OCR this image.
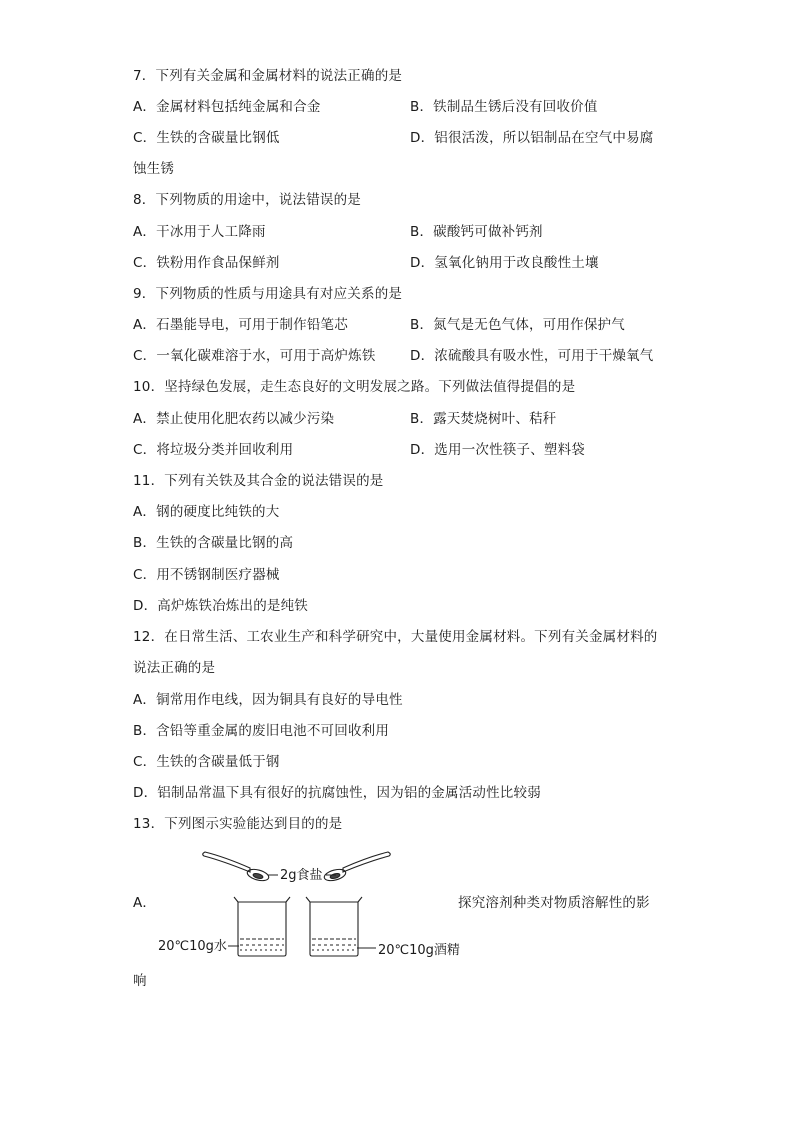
7．下列有关金属和金属材料的说法正确的是
A．金属材料包括纯金属和合金	B．铁制品生锈后没有回收价值
C．生铁的含碳量比钢低	D．铝很活泼，所以铝制品在空气中易腐
蚀生锈
8．下列物质的用途中，说法错误的是
A．干冰用于人工降雨	B．碳酸钙可做补钙剂
C．铁粉用作食品保鲜剂	D．氢氧化钠用于改良酸性土壤
9．下列物质的性质与用途具有对应关系的是
A．石墨能导电，可用于制作铅笔芯	B．氮气是无色气体，可用作保护气
C．一氧化碳难溶于水，可用于高炉炼铁	D．浓硫酸具有吸水性，可用于干燥氧气
10．坚持绿色发展，走生态良好的文明发展之路。下列做法值得提倡的是
A．禁止使用化肥农药以减少污染	B．露天焚烧树叶、秸秆
C．将垃圾分类并回收利用	D．选用一次性筷子、塑料袋
11．下列有关铁及其合金的说法错误的是
A．钢的硬度比纯铁的大
B．生铁的含碳量比钢的高
C．用不锈钢制医疗器械
D．高炉炼铁冶炼出的是纯铁
12．在日常生活、工农业生产和科学研究中，大量使用金属材料。下列有关金属材料的
说法正确的是
A．铜常用作电线，因为铜具有良好的导电性
B．含铅等重金属的废旧电池不可回收利用
C．生铁的含碳量低于钢
D．铝制品常温下具有很好的抗腐蚀性，因为铝的金属活动性比较弱
13．下列图示实验能达到目的的是
A．	探究溶剂种类对物质溶解性的影
响
2g食盐
20℃10g水	20℃10g酒精
